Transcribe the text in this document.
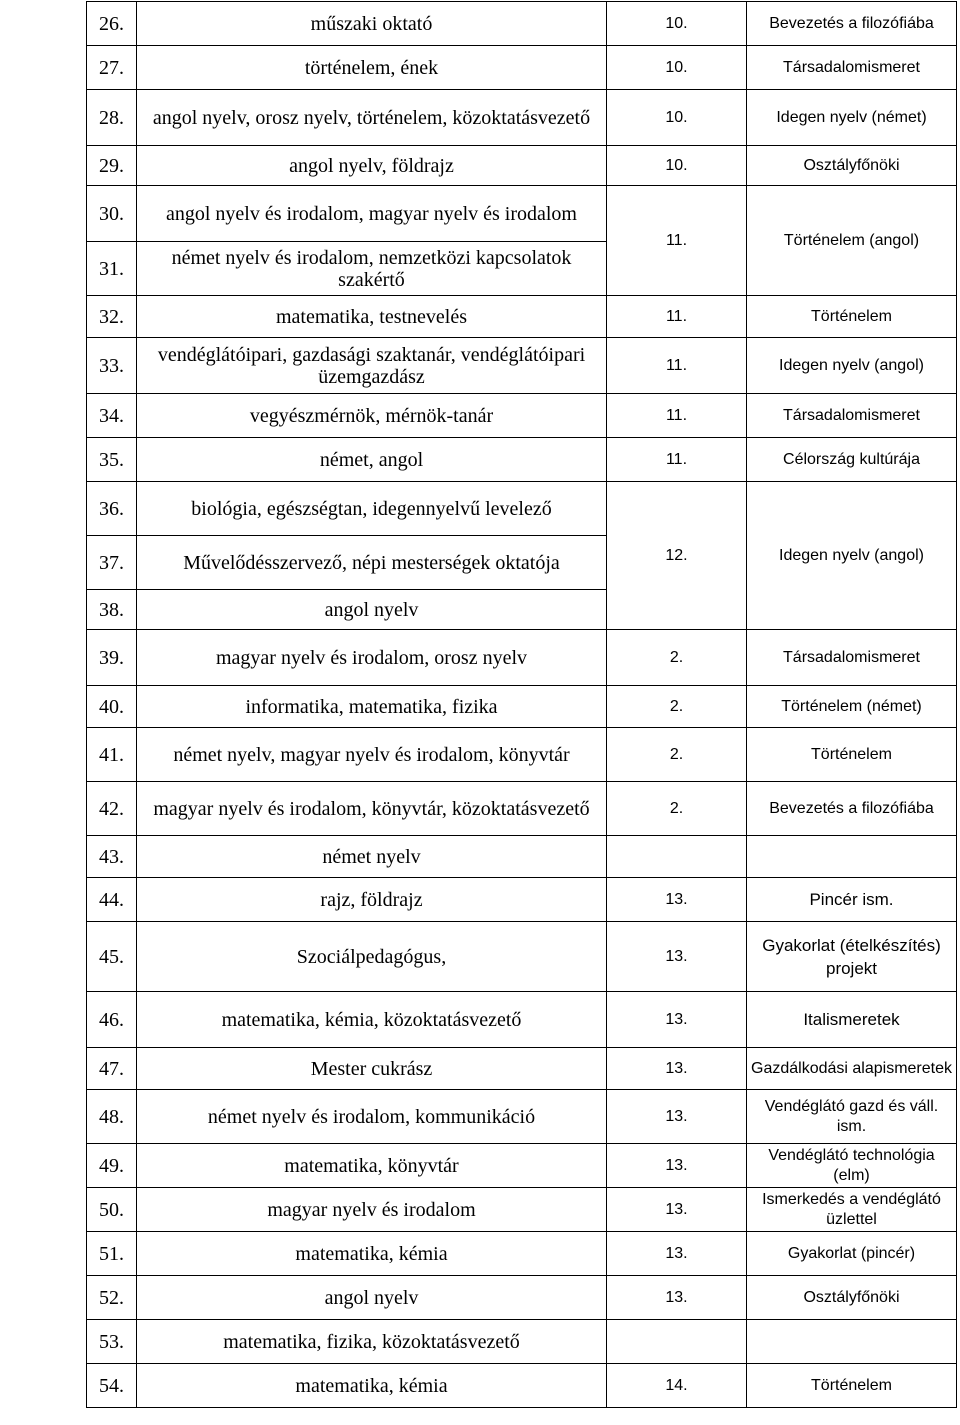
26.	műszaki oktató	10.	Bevezetés a filozófiába
27.	történelem, ének	10.	Társadalomismeret
28.	angol nyelv, orosz nyelv, történelem, közoktatásvezető	10.	Idegen nyelv (német)
29.	angol nyelv, földrajz	10.	Osztályfőnöki
30.	angol nyelv és irodalom, magyar nyelv és irodalom	11.	Történelem (angol)
31.	német nyelv és irodalom, nemzetközi kapcsolatok szakértő		
32.	matematika, testnevelés	11.	Történelem
33.	vendéglátóipari, gazdasági szaktanár, vendéglátóipari üzemgazdász	11.	Idegen nyelv (angol)
34.	vegyészmérnök, mérnök-tanár	11.	Társadalomismeret
35.	német, angol	11.	Célország kultúrája
36.	biológia, egészségtan, idegennyelvű levelező	12.	Idegen nyelv (angol)
37.	Művelődésszervező, népi mesterségek oktatója		
38.	angol nyelv		
39.	magyar nyelv és irodalom, orosz nyelv	2.	Társadalomismeret
40.	informatika, matematika, fizika	2.	Történelem (német)
41.	német nyelv, magyar nyelv és irodalom, könyvtár	2.	Történelem
42.	magyar nyelv és irodalom, könyvtár, közoktatásvezető	2.	Bevezetés a filozófiába
43.	német nyelv		
44.	rajz, földrajz	13.	Pincér ism.
45.	Szociálpedagógus,	13.	Gyakorlat (ételkészítés) projekt
46.	matematika, kémia, közoktatásvezető	13.	Italismeretek
47.	Mester cukrász	13.	Gazdálkodási alapismeretek
48.	német nyelv és irodalom, kommunikáció	13.	Vendéglátó gazd és váll. ism.
49.	matematika, könyvtár	13.	Vendéglátó technológia (elm)
50.	magyar nyelv és irodalom	13.	Ismerkedés a vendéglátó üzlettel
51.	matematika, kémia	13.	Gyakorlat (pincér)
52.	angol nyelv	13.	Osztályfőnöki
53.	matematika, fizika, közoktatásvezető		
54.	matematika, kémia	14.	Történelem
